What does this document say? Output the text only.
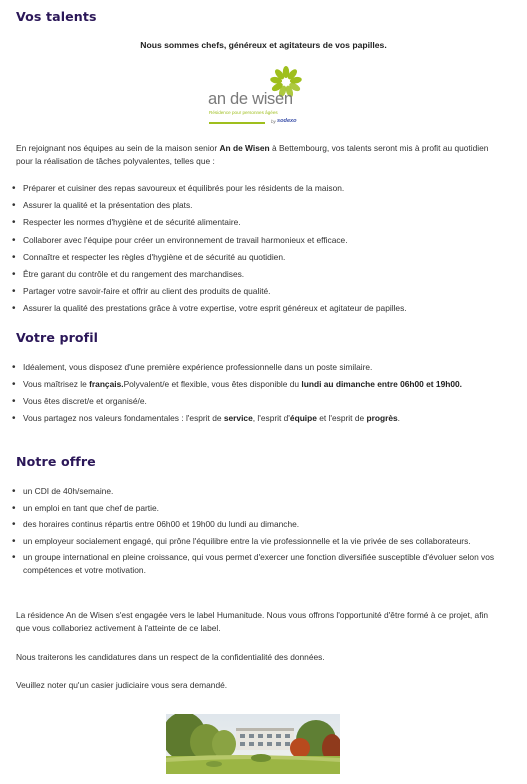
Vos talents
Nous sommes chefs, généreux et agitateurs de vos papilles.
an de wisen
Résidence pour personnes âgées
by sodexo

En rejoignant nos équipes au sein de la maison senior An de Wisen à Bettembourg, vos talents seront mis à profit au quotidien pour la réalisation de tâches polyvalentes, telles que :

• Préparer et cuisiner des repas savoureux et équilibrés pour les résidents de la maison.
• Assurer la qualité et la présentation des plats.
• Respecter les normes d'hygiène et de sécurité alimentaire.
• Collaborer avec l'équipe pour créer un environnement de travail harmonieux et efficace.
• Connaître et respecter les règles d'hygiène et de sécurité au quotidien.
• Être garant du contrôle et du rangement des marchandises.
• Partager votre savoir-faire et offrir au client des produits de qualité.
• Assurer la qualité des prestations grâce à votre expertise, votre esprit généreux et agitateur de papilles.
Votre profil
• Idéalement, vous disposez d'une première expérience professionnelle dans un poste similaire.
• Vous maîtrisez le français.Polyvalent/e et flexible, vous êtes disponible du lundi au dimanche entre 06h00 et 19h00.
• Vous êtes discret/e et organisé/e.
• Vous partagez nos valeurs fondamentales : l'esprit de service, l'esprit d'équipe et l'esprit de progrès.
Notre offre
• un CDI de 40h/semaine.
• un emploi en tant que chef de partie.
• des horaires continus répartis entre 06h00 et 19h00 du lundi au dimanche.
• un employeur socialement engagé, qui prône l'équilibre entre la vie professionnelle et la vie privée de ses collaborateurs.
• un groupe international en pleine croissance, qui vous permet d'exercer une fonction diversifiée susceptible d'évoluer selon vos compétences et votre motivation.

La résidence An de Wisen s'est engagée vers le label Humanitude. Nous vous offrons l'opportunité d'être formé à ce projet, afin que vous collaboriez activement à l'atteinte de ce label.

Nous traiterons les candidatures dans un respect de la confidentialité des données.

Veuillez noter qu'un casier judiciaire vous sera demandé.
